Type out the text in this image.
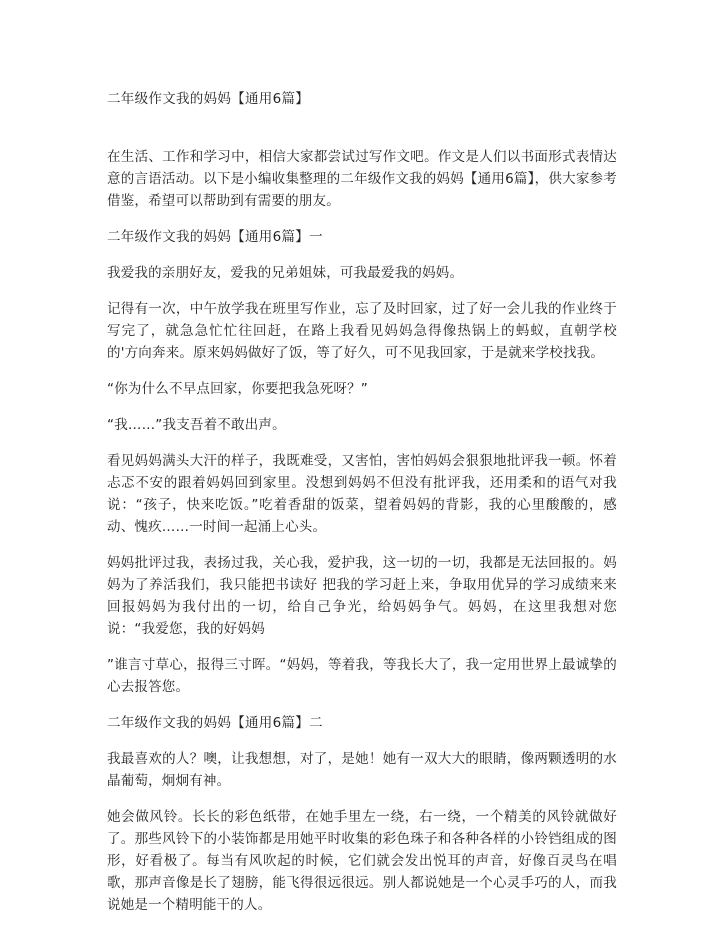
二年级作文我的妈妈【通用6篇】

在生活、工作和学习中，相信大家都尝试过写作文吧。作文是人们以书面形式表情达意的言语活动。以下是小编收集整理的二年级作文我的妈妈【通用6篇】，供大家参考借鉴，希望可以帮助到有需要的朋友。

二年级作文我的妈妈【通用6篇】一

我爱我的亲朋好友，爱我的兄弟姐妹，可我最爱我的妈妈。

记得有一次，中午放学我在班里写作业，忘了及时回家，过了好一会儿我的作业终于写完了，就急急忙忙往回赶，在路上我看见妈妈急得像热锅上的蚂蚁，直朝学校的'方向奔来。原来妈妈做好了饭，等了好久，可不见我回家，于是就来学校找我。

“你为什么不早点回家，你要把我急死呀？”

“我……”我支吾着不敢出声。

看见妈妈满头大汗的样子，我既难受，又害怕，害怕妈妈会狠狠地批评我一顿。怀着忐忑不安的跟着妈妈回到家里。没想到妈妈不但没有批评我，还用柔和的语气对我说：“孩子，快来吃饭。”吃着香甜的饭菜，望着妈妈的背影，我的心里酸酸的，感动、愧疚……一时间一起涌上心头。

妈妈批评过我，表扬过我，关心我，爱护我，这一切的一切，我都是无法回报的。妈妈为了养活我们，我只能把书读好 把我的学习赶上来，争取用优异的学习成绩来来回报妈妈为我付出的一切，给自己争光，给妈妈争气。妈妈，在这里我想对您说：“我爱您，我的好妈妈

”谁言寸草心，报得三寸晖。“妈妈，等着我，等我长大了，我一定用世界上最诚挚的心去报答您。

二年级作文我的妈妈【通用6篇】二

我最喜欢的人？噢，让我想想，对了，是她！她有一双大大的眼睛，像两颗透明的水晶葡萄，炯炯有神。

她会做风铃。长长的彩色纸带，在她手里左一绕，右一绕，一个精美的风铃就做好了。那些风铃下的小装饰都是用她平时收集的彩色珠子和各种各样的小铃铛组成的图形，好看极了。每当有风吹起的时候，它们就会发出悦耳的声音，好像百灵鸟在唱歌，那声音像是长了翅膀，能飞得很远很远。别人都说她是一个心灵手巧的人，而我说她是一个精明能干的人。
